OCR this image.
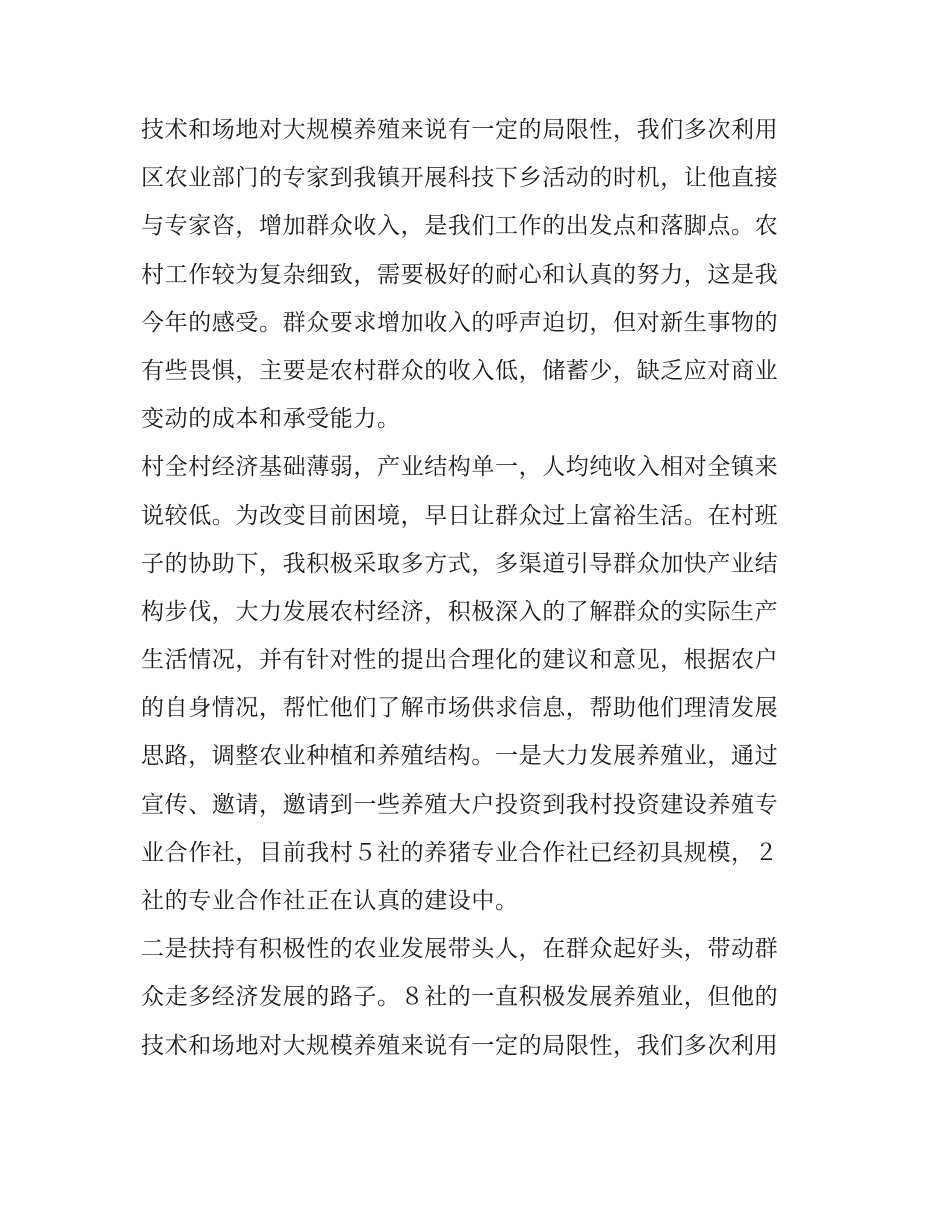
技术和场地对大规模养殖来说有一定的局限性，我们多次利用
区农业部门的专家到我镇开展科技下乡活动的时机，让他直接
与专家咨，增加群众收入，是我们工作的出发点和落脚点。农
村工作较为复杂细致，需要极好的耐心和认真的努力，这是我
今年的感受。群众要求增加收入的呼声迫切，但对新生事物的
有些畏惧，主要是农村群众的收入低，储蓄少，缺乏应对商业
变动的成本和承受能力。
村全村经济基础薄弱，产业结构单一，人均纯收入相对全镇来
说较低。为改变目前困境，早日让群众过上富裕生活。在村班
子的协助下，我积极采取多方式，多渠道引导群众加快产业结
构步伐，大力发展农村经济，积极深入的了解群众的实际生产
生活情况，并有针对性的提出合理化的建议和意见，根据农户
的自身情况，帮忙他们了解市场供求信息，帮助他们理清发展
思路，调整农业种植和养殖结构。一是大力发展养殖业，通过
宣传、邀请，邀请到一些养殖大户投资到我村投资建设养殖专
业合作社，目前我村５社的养猪专业合作社已经初具规模，２
社的专业合作社正在认真的建设中。
二是扶持有积极性的农业发展带头人，在群众起好头，带动群
众走多经济发展的路子。８社的一直积极发展养殖业，但他的
技术和场地对大规模养殖来说有一定的局限性，我们多次利用
